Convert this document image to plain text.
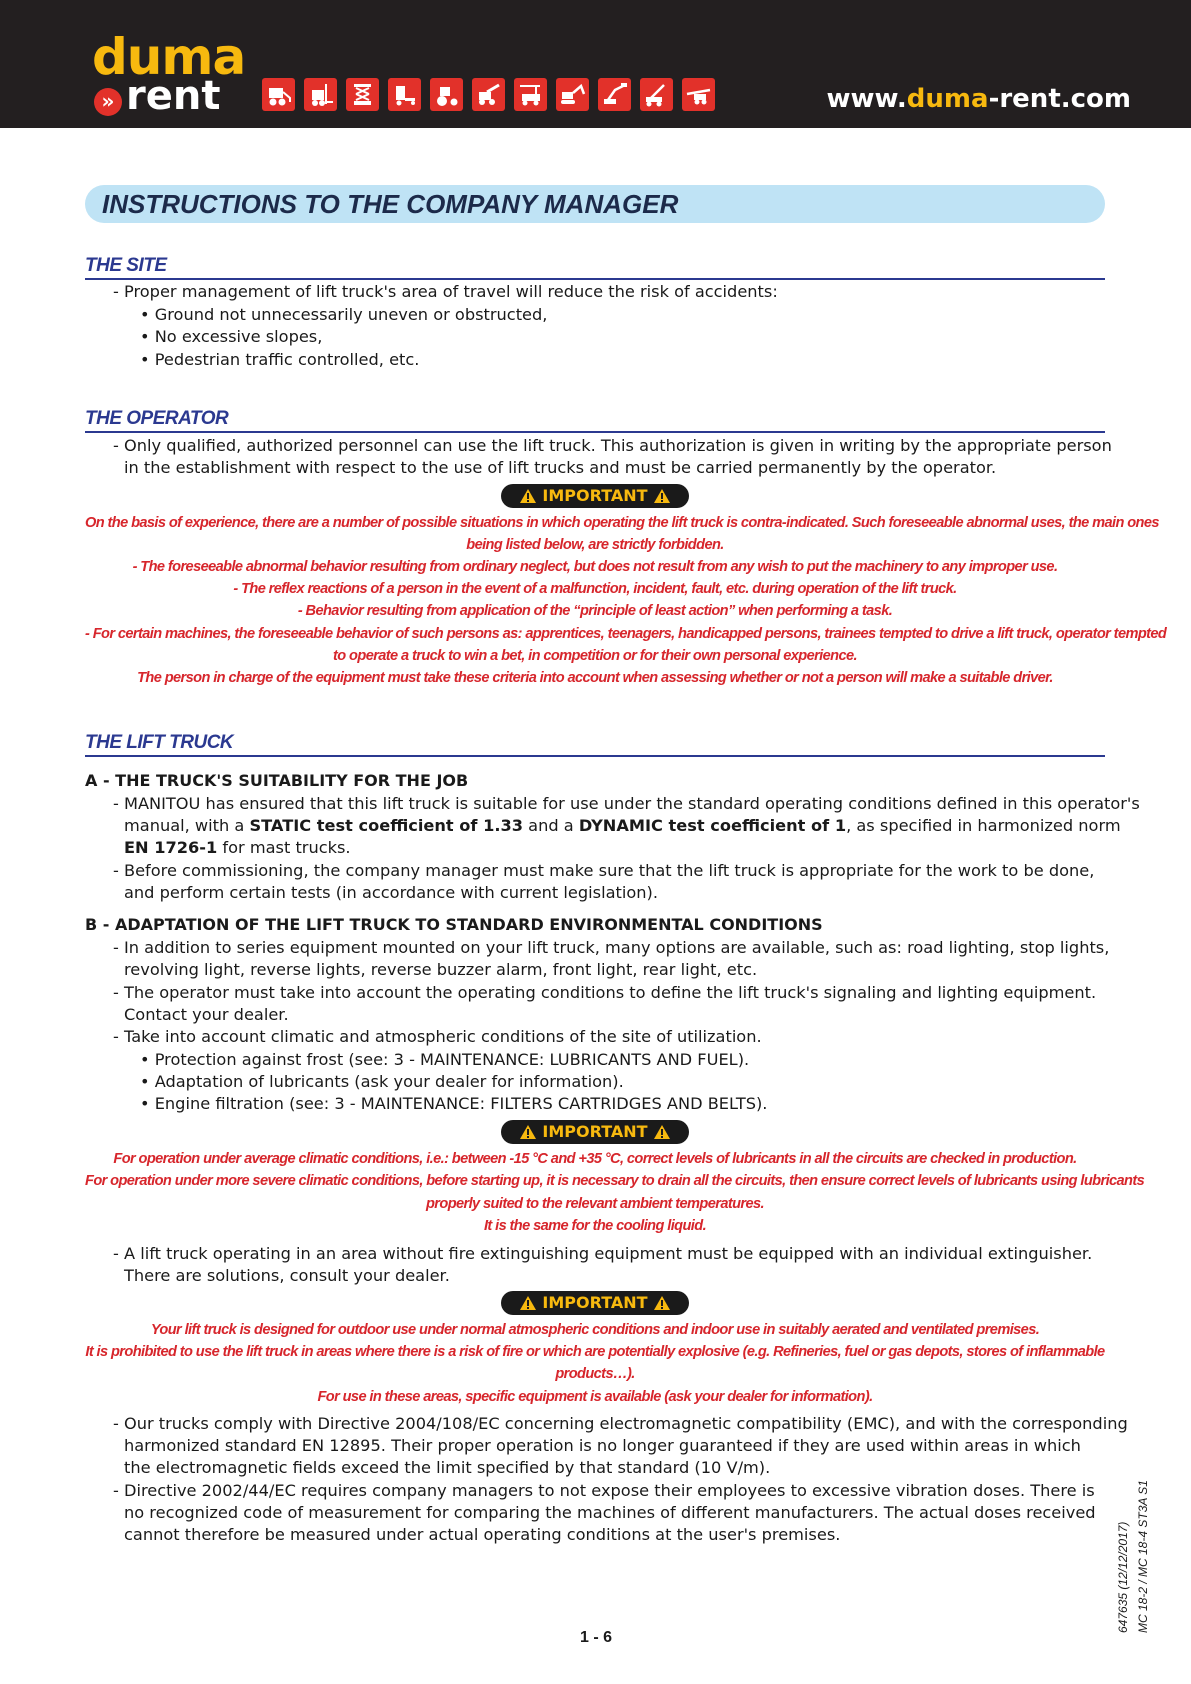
duma
» rent	www.duma-rent.com
INSTRUCTIONS TO THE COMPANY MANAGER
THE SITE
- Proper management of lift truck's area of travel will reduce the risk of accidents:
• Ground not unnecessarily uneven or obstructed,
• No excessive slopes,
• Pedestrian traffic controlled, etc.
THE OPERATOR
- Only qualified, authorized personnel can use the lift truck. This authorization is given in writing by the appropriate person
in the establishment with respect to the use of lift trucks and must be carried permanently by the operator.
IMPORTANT
On the basis of experience, there are a number of possible situations in which operating the lift truck is contra-indicated. Such foreseeable abnormal uses, the main ones
being listed below, are strictly forbidden.
- The foreseeable abnormal behavior resulting from ordinary neglect, but does not result from any wish to put the machinery to any improper use.
- The reflex reactions of a person in the event of a malfunction, incident, fault, etc. during operation of the lift truck.
- Behavior resulting from application of the “principle of least action” when performing a task.
- For certain machines, the foreseeable behavior of such persons as: apprentices, teenagers, handicapped persons, trainees tempted to drive a lift truck, operator tempted
to operate a truck to win a bet, in competition or for their own personal experience.
The person in charge of the equipment must take these criteria into account when assessing whether or not a person will make a suitable driver.
THE LIFT TRUCK
A - THE TRUCK'S SUITABILITY FOR THE JOB
- MANITOU has ensured that this lift truck is suitable for use under the standard operating conditions defined in this operator's
manual, with a STATIC test coefficient of 1.33 and a DYNAMIC test coefficient of 1, as specified in harmonized norm
EN 1726-1 for mast trucks.
- Before commissioning, the company manager must make sure that the lift truck is appropriate for the work to be done,
and perform certain tests (in accordance with current legislation).
B - ADAPTATION OF THE LIFT TRUCK TO STANDARD ENVIRONMENTAL CONDITIONS
- In addition to series equipment mounted on your lift truck, many options are available, such as: road lighting, stop lights,
revolving light, reverse lights, reverse buzzer alarm, front light, rear light, etc.
- The operator must take into account the operating conditions to define the lift truck's signaling and lighting equipment.
Contact your dealer.
- Take into account climatic and atmospheric conditions of the site of utilization.
• Protection against frost (see: 3 - MAINTENANCE: LUBRICANTS AND FUEL).
• Adaptation of lubricants (ask your dealer for information).
• Engine filtration (see: 3 - MAINTENANCE: FILTERS CARTRIDGES AND BELTS).
IMPORTANT
For operation under average climatic conditions, i.e.: between -15 °C and +35 °C, correct levels of lubricants in all the circuits are checked in production.
For operation under more severe climatic conditions, before starting up, it is necessary to drain all the circuits, then ensure correct levels of lubricants using lubricants
properly suited to the relevant ambient temperatures.
It is the same for the cooling liquid.
- A lift truck operating in an area without fire extinguishing equipment must be equipped with an individual extinguisher.
There are solutions, consult your dealer.
IMPORTANT
Your lift truck is designed for outdoor use under normal atmospheric conditions and indoor use in suitably aerated and ventilated premises.
It is prohibited to use the lift truck in areas where there is a risk of fire or which are potentially explosive (e.g. Refineries, fuel or gas depots, stores of inflammable
products…).
For use in these areas, specific equipment is available (ask your dealer for information).
- Our trucks comply with Directive 2004/108/EC concerning electromagnetic compatibility (EMC), and with the corresponding
harmonized standard EN 12895. Their proper operation is no longer guaranteed if they are used within areas in which
the electromagnetic fields exceed the limit specified by that standard (10 V/m).
- Directive 2002/44/EC requires company managers to not expose their employees to excessive vibration doses. There is
no recognized code of measurement for comparing the machines of different manufacturers. The actual doses received
cannot therefore be measured under actual operating conditions at the user's premises.
1 - 6
647635 (12/12/2017) MC 18-2 / MC 18-4 ST3A S1
